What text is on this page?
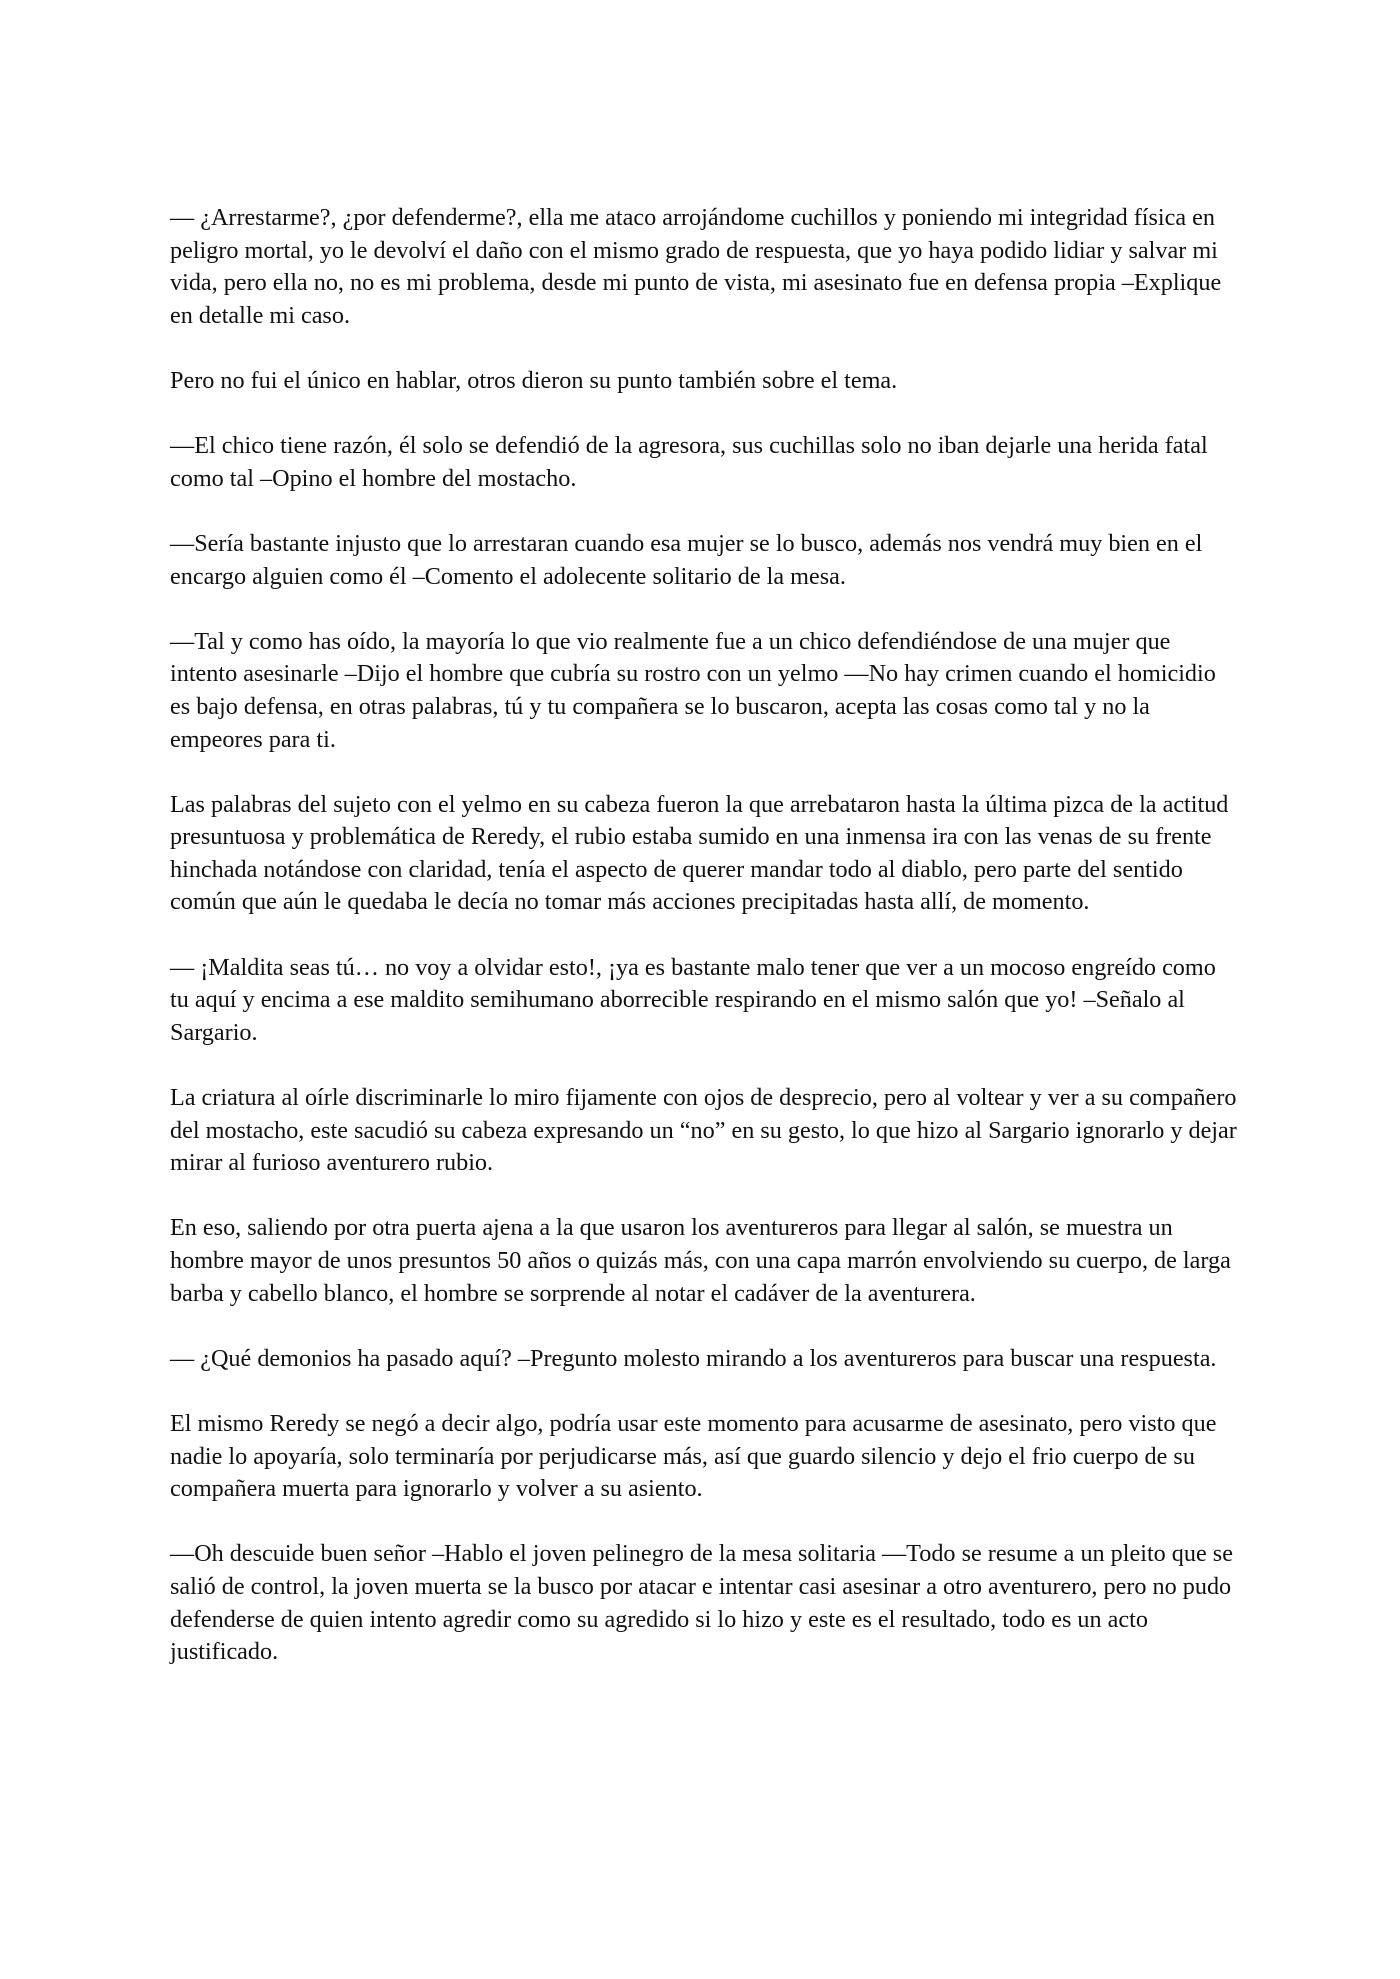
— ¿Arrestarme?, ¿por defenderme?, ella me ataco arrojándome cuchillos y poniendo mi integridad física en peligro mortal, yo le devolví el daño con el mismo grado de respuesta, que yo haya podido lidiar y salvar mi vida, pero ella no, no es mi problema, desde mi punto de vista, mi asesinato fue en defensa propia –Explique en detalle mi caso.

Pero no fui el único en hablar, otros dieron su punto también sobre el tema.

—El chico tiene razón, él solo se defendió de la agresora, sus cuchillas solo no iban dejarle una herida fatal como tal –Opino el hombre del mostacho.

—Sería bastante injusto que lo arrestaran cuando esa mujer se lo busco, además nos vendrá muy bien en el encargo alguien como él –Comento el adolecente solitario de la mesa.

—Tal y como has oído, la mayoría lo que vio realmente fue a un chico defendiéndose de una mujer que intento asesinarle –Dijo el hombre que cubría su rostro con un yelmo —No hay crimen cuando el homicidio es bajo defensa, en otras palabras, tú y tu compañera se lo buscaron, acepta las cosas como tal y no la empeores para ti.

Las palabras del sujeto con el yelmo en su cabeza fueron la que arrebataron hasta la última pizca de la actitud presuntuosa y problemática de Reredy, el rubio estaba sumido en una inmensa ira con las venas de su frente hinchada notándose con claridad, tenía el aspecto de querer mandar todo al diablo, pero parte del sentido común que aún le quedaba le decía no tomar más acciones precipitadas hasta allí, de momento.

— ¡Maldita seas tú… no voy a olvidar esto!, ¡ya es bastante malo tener que ver a un mocoso engreído como tu aquí y encima a ese maldito semihumano aborrecible respirando en el mismo salón que yo! –Señalo al Sargario.

La criatura al oírle discriminarle lo miro fijamente con ojos de desprecio, pero al voltear y ver a su compañero del mostacho, este sacudió su cabeza expresando un “no” en su gesto, lo que hizo al Sargario ignorarlo y dejar mirar al furioso aventurero rubio.

En eso, saliendo por otra puerta ajena a la que usaron los aventureros para llegar al salón, se muestra un hombre mayor de unos presuntos 50 años o quizás más, con una capa marrón envolviendo su cuerpo, de larga barba y cabello blanco, el hombre se sorprende al notar el cadáver de la aventurera.

— ¿Qué demonios ha pasado aquí? –Pregunto molesto mirando a los aventureros para buscar una respuesta.

El mismo Reredy se negó a decir algo, podría usar este momento para acusarme de asesinato, pero visto que nadie lo apoyaría, solo terminaría por perjudicarse más, así que guardo silencio y dejo el frio cuerpo de su compañera muerta para ignorarlo y volver a su asiento.

—Oh descuide buen señor –Hablo el joven pelinegro de la mesa solitaria —Todo se resume a un pleito que se salió de control, la joven muerta se la busco por atacar e intentar casi asesinar a otro aventurero, pero no pudo defenderse de quien intento agredir como su agredido si lo hizo y este es el resultado, todo es un acto justificado.
